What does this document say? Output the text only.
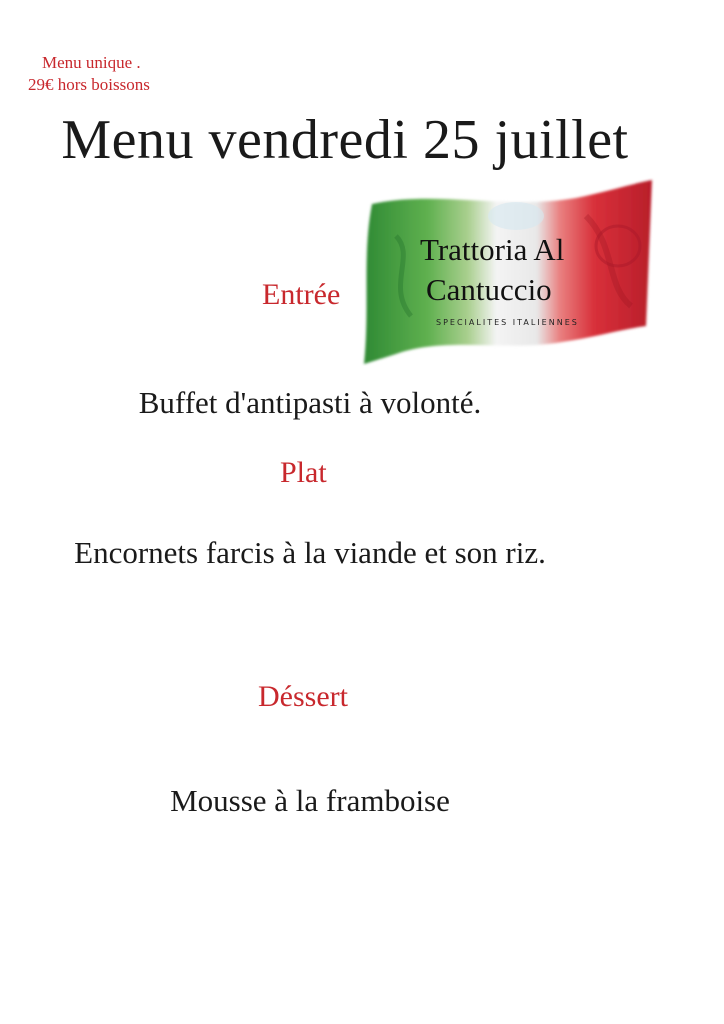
Menu unique .
29€ hors boissons
Menu vendredi 25 juillet
Trattoria Al
Cantuccio
SPECIALITES ITALIENNES
Entrée
Buffet d'antipasti à volonté.
Plat
Encornets farcis à la viande et son riz.
Déssert
Mousse à la framboise
